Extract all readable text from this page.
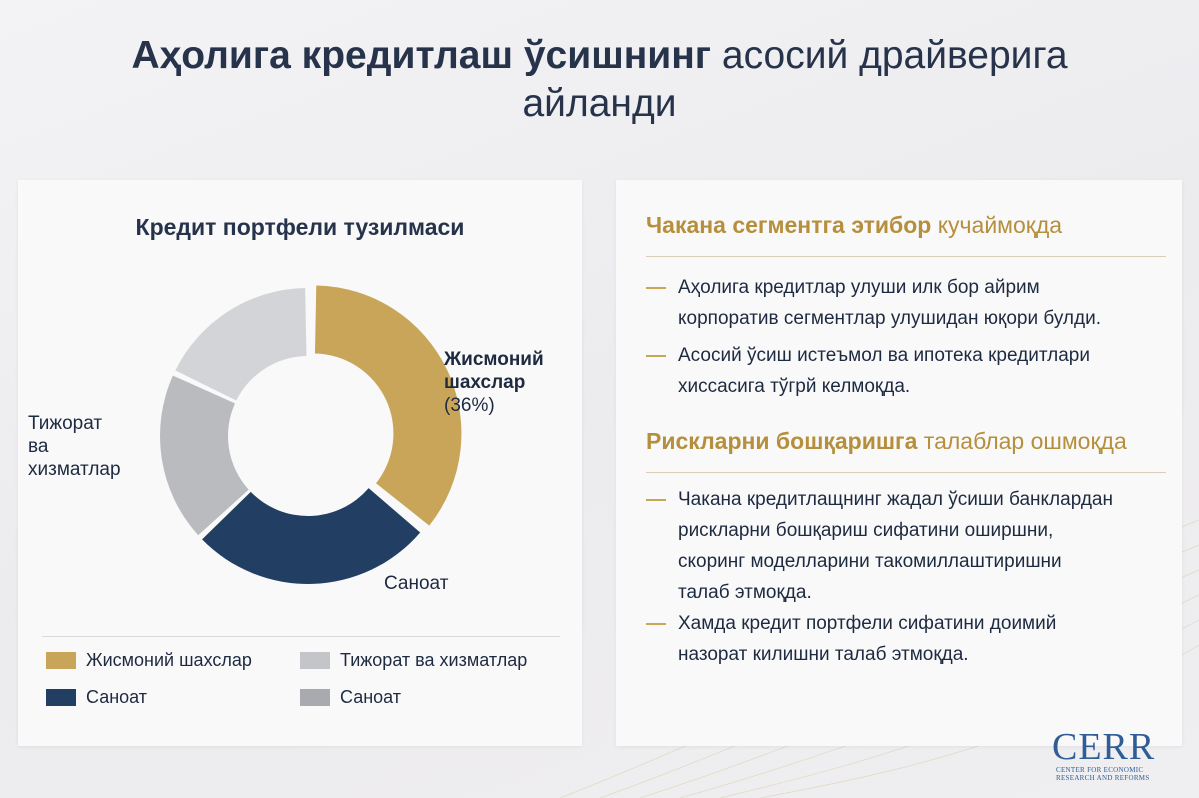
Аҳолига кредитлаш ўсишнинг асосий драйверига
айланди
Кредит портфели тузилмаси
Жисмоний
шахслар
(36%)
Тижорат
ва
хизматлар
Саноат
Жисмоний шахслар	Тижорат ва хизматлар
Саноат	Саноат
Чакана сегментга этибор кучаймоқда
Аҳолига кредитлар улуши илк бор айрим
корпоратив сегментлар улушидан юқори булди.
Асосий ўсиш истеъмол ва ипотека кредитлари
хиссасига тўгрй келмоқда.
Рискларни бошқаришга талаблар ошмоқда
Чакана кредитлащнинг жадал ўсиши банклардан
рискларни бошқариш сифатини оширшни,
скоринг моделларини такомиллаштиришни
талаб этмоқда.
Хамда кредит портфели сифатини доимий
назорат килишни талаб этмоқда.
CERR
CENTER FOR ECONOMIC
RESEARCH AND REFORMS
